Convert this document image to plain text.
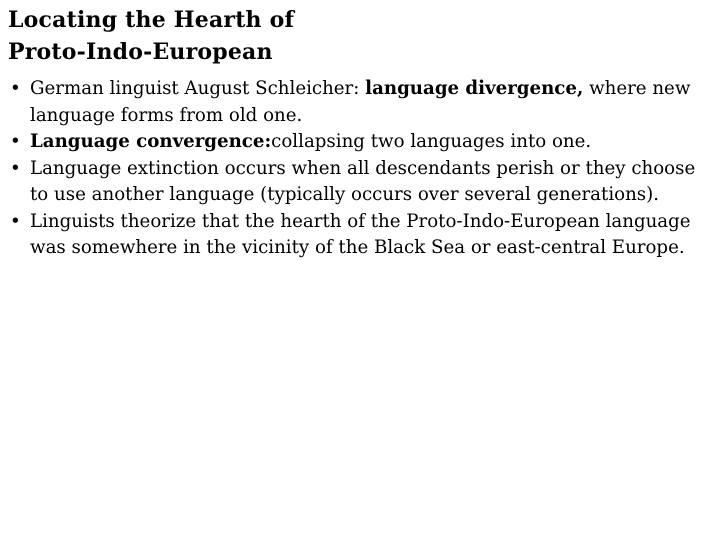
Locating the Hearth of
Proto-Indo-European
• German linguist August Schleicher: language divergence, where new language forms from old one.
• Language convergence:collapsing two languages into one.
• Language extinction occurs when all descendants perish or they choose to use another language (typically occurs over several generations).
• Linguists theorize that the hearth of the Proto-Indo-European language was somewhere in the vicinity of the Black Sea or east-central Europe.
